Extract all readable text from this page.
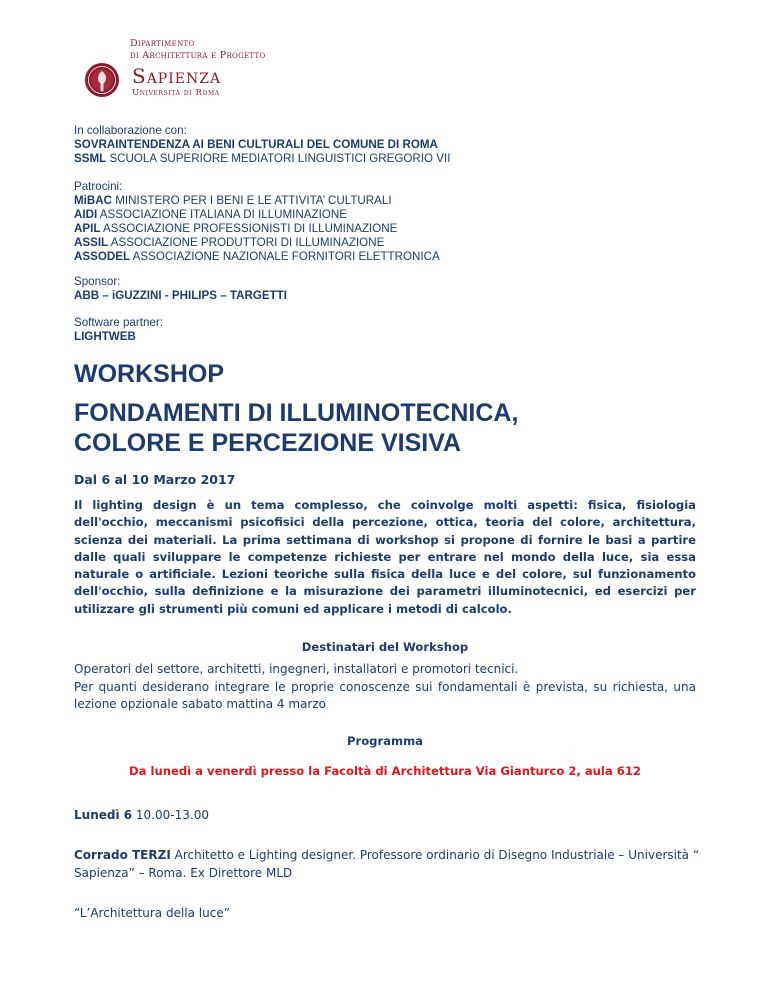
Dipartimento
di Architettura e Progetto
Sapienza
Università di Roma
In collaborazione con:
SOVRAINTENDENZA AI BENI CULTURALI DEL COMUNE DI ROMA
SSML SCUOLA SUPERIORE MEDIATORI LINGUISTICI GREGORIO VII
Patrocini:
MiBAC MINISTERO PER I BENI E LE ATTIVITA’ CULTURALI
AIDI ASSOCIAZIONE ITALIANA DI ILLUMINAZIONE
APIL ASSOCIAZIONE PROFESSIONISTI DI ILLUMINAZIONE
ASSIL ASSOCIAZIONE PRODUTTORI DI ILLUMINAZIONE
ASSODEL ASSOCIAZIONE NAZIONALE FORNITORI ELETTRONICA
Sponsor:
ABB – iGUZZINI - PHILIPS – TARGETTI
Software partner:
LIGHTWEB
WORKSHOP
FONDAMENTI DI ILLUMINOTECNICA,
COLORE E PERCEZIONE VISIVA
Dal 6 al 10 Marzo 2017
Il lighting design è un tema complesso, che coinvolge molti aspetti: fisica, fisiologia dell'occhio, meccanismi psicofisici della percezione, ottica, teoria del colore, architettura, scienza dei materiali. La prima settimana di workshop si propone di fornire le basi a partire dalle quali sviluppare le competenze richieste per entrare nel mondo della luce, sia essa naturale o artificiale. Lezioni teoriche sulla fisica della luce e del colore, sul funzionamento dell'occhio, sulla definizione e la misurazione dei parametri illuminotecnici, ed esercizi per utilizzare gli strumenti più comuni ed applicare i metodi di calcolo.
Destinatari del Workshop
Operatori del settore, architetti, ingegneri, installatori e promotori tecnici.
Per quanti desiderano integrare le proprie conoscenze sui fondamentali è prevista, su richiesta, una lezione opzionale sabato mattina 4 marzo
Programma
Da lunedì a venerdì presso la Facoltà di Architettura Via Gianturco 2, aula 612
Lunedì 6 10.00-13.00
Corrado TERZI Architetto e Lighting designer. Professore ordinario di Disegno Industriale – Università “ Sapienza” – Roma. Ex Direttore MLD
“L’Architettura della luce”
